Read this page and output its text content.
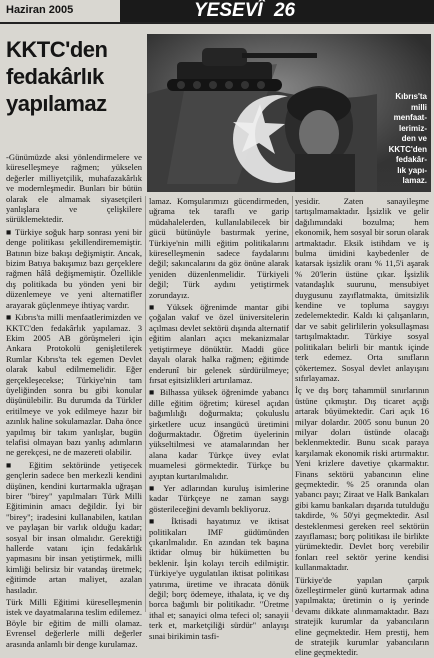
Haziran 2005	YESEVÎ 26
KKTC'den
fedakârlık
yapılamaz	Kıbrıs'ta
milli
menfaat-
lerimiz-
den ve
KKTC'den
fedakâr-
lık yapı-
lamaz.

-Günümüzde aksi yönlendirmelere ve küreselleşmeye rağmen; yükselen değerler milliyetçilik, muhafazakârlık ve modernleşmedir. Bunları bir bütün olarak ele almamak siyasetçileri yanlışlara ve çelişkilere sürüklemektedir.

■ Türkiye soğuk harp sonrası yeni bir denge politikası şekillendirememiştir. Batının bize bakışı değişmiştir. Ancak, bizim Batıya bakışımız bazı gerçeklere rağmen hâlâ değişmemiştir. Özellikle dış politikada bu yönden yeni bir düzenlemeye ve yeni alternatifler arayarak güçlenmeye ihtiyaç vardır.

■ Kıbrıs'ta milli menfaatlerimizden ve KKTC'den fedakârlık yapılamaz. 3 Ekim 2005 AB görüşmeleri için Ankara Protokolü genişletilerek Rumlar Kıbrıs'ta tek egemen Devlet olarak kabul edilmemelidir. Eğer gerçekleşecekse; Türkiye'nin tam üyeliğinden sonra bu gibi konular düşünülebilir. Bu durumda da Türkler eritilmeye ve yok edilmeye hazır bir azınlık haline sokulamazlar. Daha önce yapılmış bir takım yanlışlar, bugün telafisi olmayan bazı yanlış adımların ne gerekçesi, ne de mazereti olabilir.

■ Eğitim sektöründe yetişecek gençlerin sadece ben merkezli kendini düşünen, kendini kurtarmakla uğraşan birer "birey" yapılmaları Türk Milli Eğitiminin amacı değildir. İyi bir "birey"; iradesini kullanabilen, katılan ve paylaşan bir varlık olduğu kadar; sosyal bir insan olmalıdır. Gerektiği hallerde vatanı için fedakârlık yapmasını bir insan yetiştirmek, milli kimliği belirsiz bir vatandaş üretmek; eğitimde artan maliyet, azalan hasıladır.

Türk Milli Eğitimi küreselleşmenin istek ve dayatmalarına teslim edilemez. Böyle bir eğitim de milli olamaz. Evrensel değerlerle milli değerler arasında anlamlı bir denge kurulamaz.

lamaz. Komşularımızı gücendirmeden, uğrama tek taraflı ve garip müdahalelerden, kullanılabilecek bir gücü bütünüyle bastırmak yerine, Türkiye'nin milli eğitim politikalarını küreselleşmenin sadece faydalarını değil; sakıncalarını da göz önüne alarak yeniden düzenlenmelidir. Türkiyeli değil; Türk aydını yetiştirmek zorundayız.

■ Yüksek öğrenimde mantar gibi çoğalan vakıf ve özel üniversitelerin açılması devlet sektörü dışında alternatif eğitim alanları açıcı mekanizmalar yetiştirmeye dönüktür. Maddi güce dayalı olarak halka rağmen; eğitimde enderunî bir gelenek sürdürülmeye; fırsat eşitsizlikleri artırılamaz.

■ Bilhassa yüksek öğrenimde yabancı dille eğitim öğretim; küresel açıdan bağımlılığı doğurmakta; çokuluslu şirketlere ucuz insangücü üretimini doğurmaktadır. Öğretim üyelerinin yükseltilmesi ve atamalarından her alana kadar Türkçe üvey evlat muamelesi görmektedir. Türkçe bu ayıptan kurtarılmalıdır.

■ Yer adlarından kuruluş isimlerine kadar Türkçeye ne zaman saygı gösterileceğini devamlı bekliyoruz.

■ İktisadi hayatımız ve iktisat politikaları IMF güdümünden çıkarılmalıdır. En azından tek başına iktidar olmuş bir hükümetten bu beklenir. İşin kolayı tercih edilmiştir. Türkiye'ye uygulatılan iktisat politikası yatırıma, üretime ve ihracata dönük değil; borç ödemeye, ithalata, iç ve dış borca bağımlı bir politikadır. "Üretme ithal et; sanayici olma tefeci ol; sanayii terk et, marketçiliği sürdür" anlayışı sınai birikimin tasfi-

yesidir. Zaten sanayileşme tartışılmamaktadır. İşsizlik ve gelir dağılımındaki bozulma; hem ekonomik, hem sosyal bir sorun olarak artmaktadır. Eksik istihdam ve iş bulma ümidini kaybedenler de katarsak işsizlik oranı % 11,5'i aşarak % 20'lerin üstüne çıkar. İşsizlik vatandaşlık suurunu, mensubiyet duygusunu zayıflatmakta, ümitsizlik kendine ve topluma saygıyı zedelemektedir. Kaldı ki çalışanların, dar ve sabit gelirlilerin yoksullaşması tartışılmaktadır. Türkiye sosyal politikaları belirli bir mantık içinde terk edemez. Orta sınıfların çökertemez. Sosyal devlet anlayışını sıfırlayamaz.

İç ve dış borç tahammül sınırlarının üstüne çıkmıştır. Dış ticaret açığı artarak büyümektedir. Cari açık 16 milyar dolardır. 2005 sonu bunun 20 milyar doları üstünde olacağı beklenmektedir. Bunu sıcak paraya karşılamak ekonomik riski artırmaktır. Yeni krizlere davetiye çıkarmaktır. Finans sektörü yabancının eline geçmektedir. % 25 oranında olan yabancı payı; Ziraat ve Halk Bankaları gibi kamu bankaları dışarıda tutulduğu takdirde, % 50'yi geçmektedir. Asıl desteklenmesi gereken reel sektörün zayıflaması; borç politikası ile birlikte yürümektedir. Devlet borç verebilir fonları reel sektör yerine kendisi kullanmaktadır.

Türkiye'de yapılan çarpık özelleştirmeler günü kurtarmak adına yapılmakta; üretimin o iş yerinde devamı dikkate alınmamaktadır. Bazı stratejik kurumlar da yabancıların eline geçmektedir. Hem prestij, hem de stratejik kurumlar yabancıların eline geçmektedir.
